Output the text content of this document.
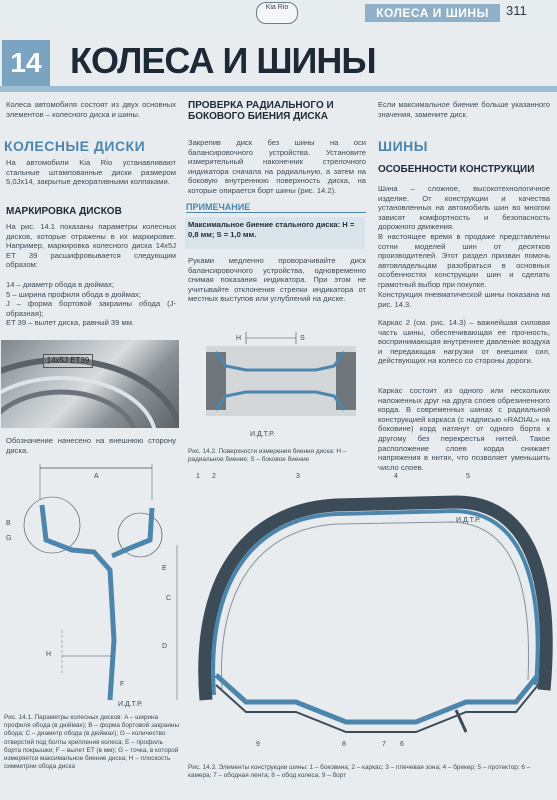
Kia Rio	КОЛЕСА И ШИНЫ	311
14 КОЛЕСА И ШИНЫ
Колеса автомобиля состоят из двух основных элементов – колесного диска и шины.
КОЛЕСНЫЕ ДИСКИ
На автомобили Kia Rio устанавливают стальные штампованные диски размером 5,0Jx14, закрытые декоративными колпаками.
МАРКИРОВКА ДИСКОВ
На рис. 14.1 показаны параметры колесных дисков, которые отражены в их маркировке. Например, маркировка колесного диска 14х5J ET 39 расшифровывается следующим образом:
14 – диаметр обода в дюймах;
5 – ширина профиля обода в дюймах;
J – форма бортовой закраины обода (J-образная);
ET 39 – вылет диска, равный 39 мм.
14x5J ET39
Обозначение нанесено на внешнюю сторону диска.
A
B
G
E
C
H
D
F
И.Д.Т.Р.
Рис. 14.1. Параметры колесных дисков: A – ширина профиля обода (в дюймах); B – форма бортовой закраины обода; C – диаметр обода (в дюймах); G – количество отверстий под болты крепления колеса; E – профиль борта покрышки; F – вылет ET (в мм); G – точка, в которой измеряется максимальное биение диска; H – плоскость симметрии обода диска
ПРОВЕРКА РАДИАЛЬНОГО И БОКОВОГО БИЕНИЯ ДИСКА
Закрепив диск без шины на оси балансировочного устройства. Установите измерительный наконечник стрелочного индикатора сначала на радиальную, а затем на боковую внутреннюю поверхность диска, на которые опирается борт шины (рис. 14.2).
ПРИМЕЧАНИЕ
Максимальное биение стального диска: H = 0,8 мм; S = 1,0 мм.
Руками медленно проворачивайте диск балансировочного устройства, одновременно снимая показания индикатора. При этом не учитывайте отклонения стрелки индикатора от местных выступов или углублений на диске.
H	S
И.Д.Т.Р.
Рис. 14.2. Поверхности измерения биения диска: H – радиальное биение; S – боковое биение
Если максимальное биение больше указанного значения, замените диск.
ШИНЫ
ОСОБЕННОСТИ КОНСТРУКЦИИ
Шина – сложное, высокотехнологичное изделие. От конструкции и качества установленных на автомобиль шин во многом зависят комфортность и безопасность дорожного движения.
В настоящее время в продаже представлены сотни моделей шин от десятков производителей. Этот раздел призван помочь автовладельцам разобраться в основных особенностях конструкции шин и сделать грамотный выбор при покупке.
Конструкция пневматической шины показана на рис. 14.3.
Каркас 2 (см. рис. 14.3) – важнейшая силовая часть шины, обеспечивающая ее прочность, воспринимающая внутреннее давление воздуха и передающая нагрузки от внешних сил, действующих на колесо со стороны дороги.
Каркас состоит из одного или нескольких наложенных друг на друга слоев обрезиненного корда. В современных шинах с радиальной конструкцией каркаса (с надписью «RADIAL» на боковине) корд натянут от одного борта к другому без перекрестья нитей. Такое расположение слоев корда снижает напряжения в нитях, что позволяет уменьшить число слоев.
1 2	3	4	5
9	8	7 6
И.Д.Т.Р.
Рис. 14.3. Элементы конструкции шины: 1 – боковина; 2 – каркас; 3 – плечевая зона; 4 – брекер; 5 – протектор; 6 – камера; 7 – ободная лента; 8 – обод колеса; 9 – борт
